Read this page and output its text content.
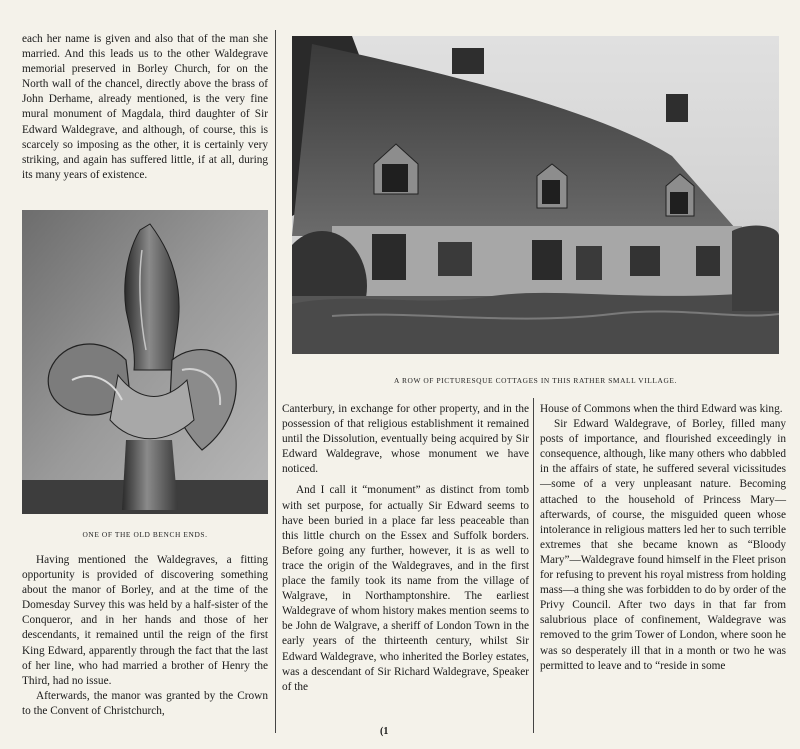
each her name is given and also that of the man she married. And this leads us to the other Waldegrave memorial preserved in Borley Church, for on the North wall of the chancel, directly above the brass of John Derhame, already mentioned, is the very fine mural monument of Magdala, third daughter of Sir Edward Waldegrave, and although, of course, this is scarcely so imposing as the other, it is certainly very striking, and again has suffered little, if at all, during its many years of existence.

ONE OF THE OLD BENCH ENDS.

Having mentioned the Waldegraves, a fitting opportunity is provided of discovering something about the manor of Borley, and at the time of the Domesday Survey this was held by a half-sister of the Conqueror, and in her hands and those of her descendants, it remained until the reign of the first King Edward, apparently through the fact that the last of her line, who had married a brother of Henry the Third, had no issue.

Afterwards, the manor was granted by the Crown to the Convent of Christchurch,

A ROW OF PICTURESQUE COTTAGES IN THIS RATHER SMALL VILLAGE.

Canterbury, in exchange for other property, and in the possession of that religious establishment it remained until the Dissolution, eventually being acquired by Sir Edward Waldegrave, whose monument we have noticed.

And I call it “monument” as distinct from tomb with set purpose, for actually Sir Edward seems to have been buried in a place far less peaceable than this little church on the Essex and Suffolk borders. Before going any further, however, it is as well to trace the origin of the Waldegraves, and in the first place the family took its name from the village of Walgrave, in Northamptonshire. The earliest Waldegrave of whom history makes mention seems to be John de Walgrave, a sheriff of London Town in the early years of the thirteenth century, whilst Sir Edward Waldegrave, who inherited the Borley estates, was a descendant of Sir Richard Waldegrave, Speaker of the

House of Commons when the third Edward was king.

Sir Edward Waldegrave, of Borley, filled many posts of importance, and flourished exceedingly in consequence, although, like many others who dabbled in the affairs of state, he suffered several vicissitudes—some of a very unpleasant nature. Becoming attached to the household of Princess Mary—afterwards, of course, the misguided queen whose intolerance in religious matters led her to such terrible extremes that she became known as “Bloody Mary”—Waldegrave found himself in the Fleet prison for refusing to prevent his royal mistress from holding mass—a thing she was forbidden to do by order of the Privy Council. After two days in that far from salubrious place of confinement, Waldegrave was removed to the grim Tower of London, where soon he was so desperately ill that in a month or two he was permitted to leave and to “reside in some

(1
